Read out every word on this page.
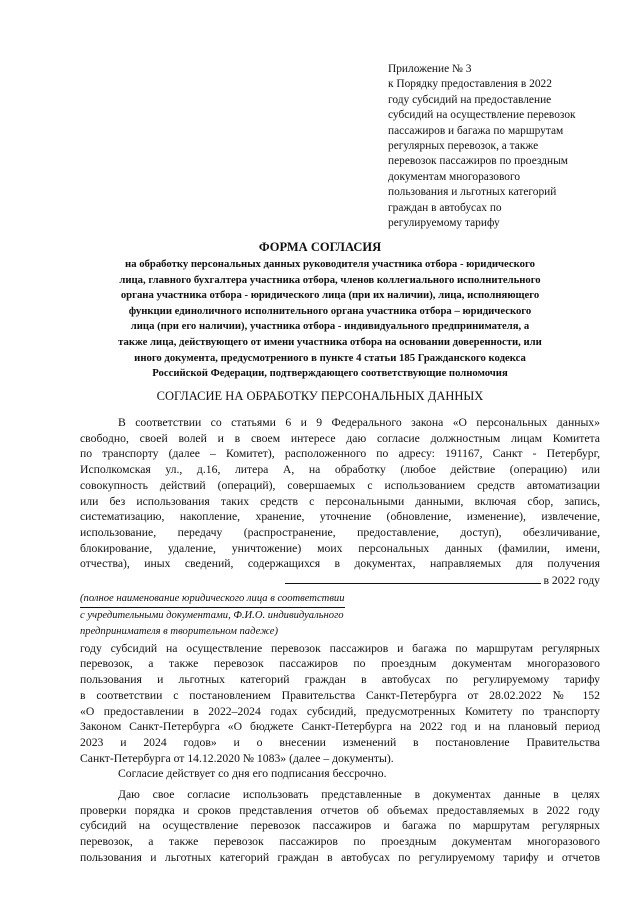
Приложение № 3
к Порядку предоставления в 2022
году субсидий на предоставление
субсидий на осуществление перевозок
пассажиров и багажа по маршрутам
регулярных перевозок, а также
перевозок пассажиров по проездным
документам многоразового
пользования и льготных категорий
граждан в автобусах по
регулируемому тарифу
ФОРМА СОГЛАСИЯ
на обработку персональных данных руководителя участника отбора - юридического
лица, главного бухгалтера участника отбора, членов коллегиального исполнительного
органа участника отбора - юридического лица (при их наличии), лица, исполняющего
функции единоличного исполнительного органа участника отбора – юридического
лица (при его наличии), участника отбора - индивидуального предпринимателя, а
также лица, действующего от имени участника отбора на основании доверенности, или
иного документа, предусмотрениого в пункте 4 статьи 185 Гражданского кодекса
Российской Федерации, подтверждающего соответствующие полномочия
СОГЛАСИЕ НА ОБРАБОТКУ ПЕРСОНАЛЬНЫХ ДАННЫХ
В соответствии со статьями 6 и 9 Федерального закона «О персональных данных»
свободно, своей волей и в своем интересе даю согласие должностным лицам Комитета
по транспорту (далее – Комитет), расположенного по адресу: 191167, Санкт - Петербург,
Исполкомская ул., д.16, литера А, на обработку (любое действие (операцию) или
совокупность действий (операций), совершаемых с использованием средств автоматизации
или без использования таких средств с персональными данными, включая сбор, запись,
систематизацию, накопление, хранение, уточнение (обновление, изменение), извлечение,
использование, передачу (распространение, предоставление, доступ), обезличивание,
блокирование, удаление, уничтожение) моих персональных данных (фамилии, имени,
отчества), иных сведений, содержащихся в документах, направляемых для получения
в 2022 году
(полное наименование юридического лица в соответствии
с учредительными документами, Ф.И.О. индивидуального
предпринимателя в творительном падеже)
году субсидий на осуществление перевозок пассажиров и багажа по маршрутам регулярных
перевозок, а также перевозок пассажиров по проездным документам многоразового
пользования и льготных категорий граждан в автобусах по регулируемому тарифу
в соответствии с постановлением Правительства Санкт-Петербурга от 28.02.2022 № 152
«О предоставлении в 2022–2024 годах субсидий, предусмотренных Комитету по транспорту
Законом Санкт-Петербурга «О бюджете Санкт-Петербурга на 2022 год и на плановый период
2023 и 2024 годов» и о внесении изменений в постановление Правительства
Санкт-Петербурга от 14.12.2020 № 1083» (далее – документы).
Согласие действует со дня его подписания бессрочно.
Даю свое согласие использовать представленные в документах данные в целях
проверки порядка и сроков представления отчетов об объемах предоставляемых в 2022 году
субсидий на осуществление перевозок пассажиров и багажа по маршрутам регулярных
перевозок, а также перевозок пассажиров по проездным документам многоразового
пользования и льготных категорий граждан в автобусах по регулируемому тарифу и отчетов
